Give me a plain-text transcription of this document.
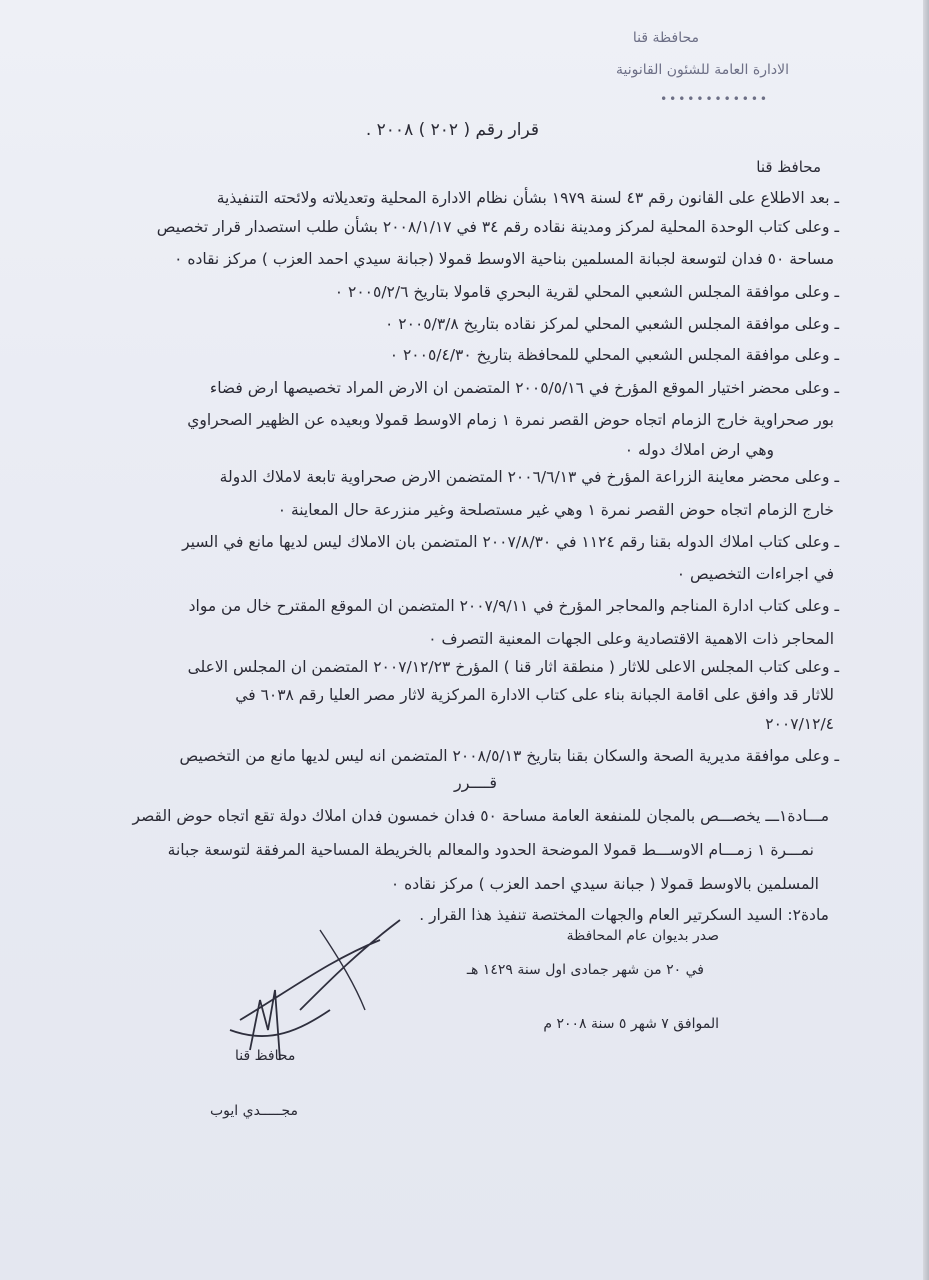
محافظة قنا
الادارة العامة للشئون القانونية
••••••••••••
قرار رقم ( ٢٠٢ ) ٢٠٠٨ .
محافظ قنا
ـ بعد الاطلاع على القانون رقم ٤٣ لسنة ١٩٧٩ بشأن نظام الادارة المحلية وتعديلاته ولائحته التنفيذية
ـ وعلى كتاب الوحدة المحلية لمركز ومدينة نقاده رقم ٣٤ في ٢٠٠٨/١/١٧ بشأن طلب استصدار قرار تخصيص
مساحة ٥٠ فدان لتوسعة لجبانة المسلمين بناحية الاوسط قمولا (جبانة سيدي احمد العزب ) مركز نقاده ٠
ـ وعلى موافقة المجلس الشعبي المحلي لقرية البحري قامولا بتاريخ ٢٠٠٥/٢/٦ ٠
ـ وعلى موافقة المجلس الشعبي المحلي لمركز نقاده بتاريخ ٢٠٠٥/٣/٨ ٠
ـ وعلى موافقة المجلس الشعبي المحلي للمحافظة بتاريخ ٢٠٠٥/٤/٣٠ ٠
ـ وعلى محضر اختيار الموقع المؤرخ في ٢٠٠٥/٥/١٦ المتضمن ان الارض المراد تخصيصها ارض فضاء
بور صحراوية خارج الزمام اتجاه حوض القصر نمرة ١ زمام الاوسط قمولا وبعيده عن الظهير الصحراوي
وهي ارض املاك دوله ٠
ـ وعلى محضر معاينة الزراعة المؤرخ في ٢٠٠٦/٦/١٣ المتضمن الارض صحراوية تابعة لاملاك الدولة
خارج الزمام اتجاه حوض القصر نمرة ١ وهي غير مستصلحة وغير منزرعة حال المعاينة ٠
ـ وعلى كتاب املاك الدوله بقنا رقم ١١٢٤ في ٢٠٠٧/٨/٣٠ المتضمن بان الاملاك ليس لديها مانع في السير
في اجراءات التخصيص ٠
ـ وعلى كتاب ادارة المناجم والمحاجر المؤرخ في ٢٠٠٧/٩/١١ المتضمن ان الموقع المقترح خال من مواد
المحاجر ذات الاهمية الاقتصادية وعلى الجهات المعنية التصرف ٠
ـ وعلى كتاب المجلس الاعلى للاثار ( منطقة اثار قنا ) المؤرخ ٢٠٠٧/١٢/٢٣ المتضمن ان المجلس الاعلى
للاثار قد وافق على اقامة الجبانة بناء على كتاب الادارة المركزية لاثار مصر العليا رقم ٦٠٣٨ في
٢٠٠٧/١٢/٤
ـ وعلى موافقة مديرية الصحة والسكان بقنا بتاريخ ٢٠٠٨/٥/١٣ المتضمن انه ليس لديها مانع من التخصيص
قــــرر
مـــادة١ـــ يخصـــص بالمجان للمنفعة العامة مساحة ٥٠ فدان خمسون فدان املاك دولة تقع اتجاه حوض القصر
نمـــرة ١ زمـــام الاوســـط قمولا الموضحة الحدود والمعالم بالخريطة المساحية المرفقة لتوسعة جبانة
المسلمين بالاوسط قمولا ( جبانة سيدي احمد العزب ) مركز نقاده ٠
مادة٢: السيد السكرتير العام والجهات المختصة تنفيذ هذا القرار .
صدر بديوان عام المحافظة
في ٢٠ من شهر جمادى اول سنة ١٤٢٩ هـ
الموافق ٧ شهر ٥ سنة ٢٠٠٨ م
محافظ قنا
مجـــــدي ايوب
